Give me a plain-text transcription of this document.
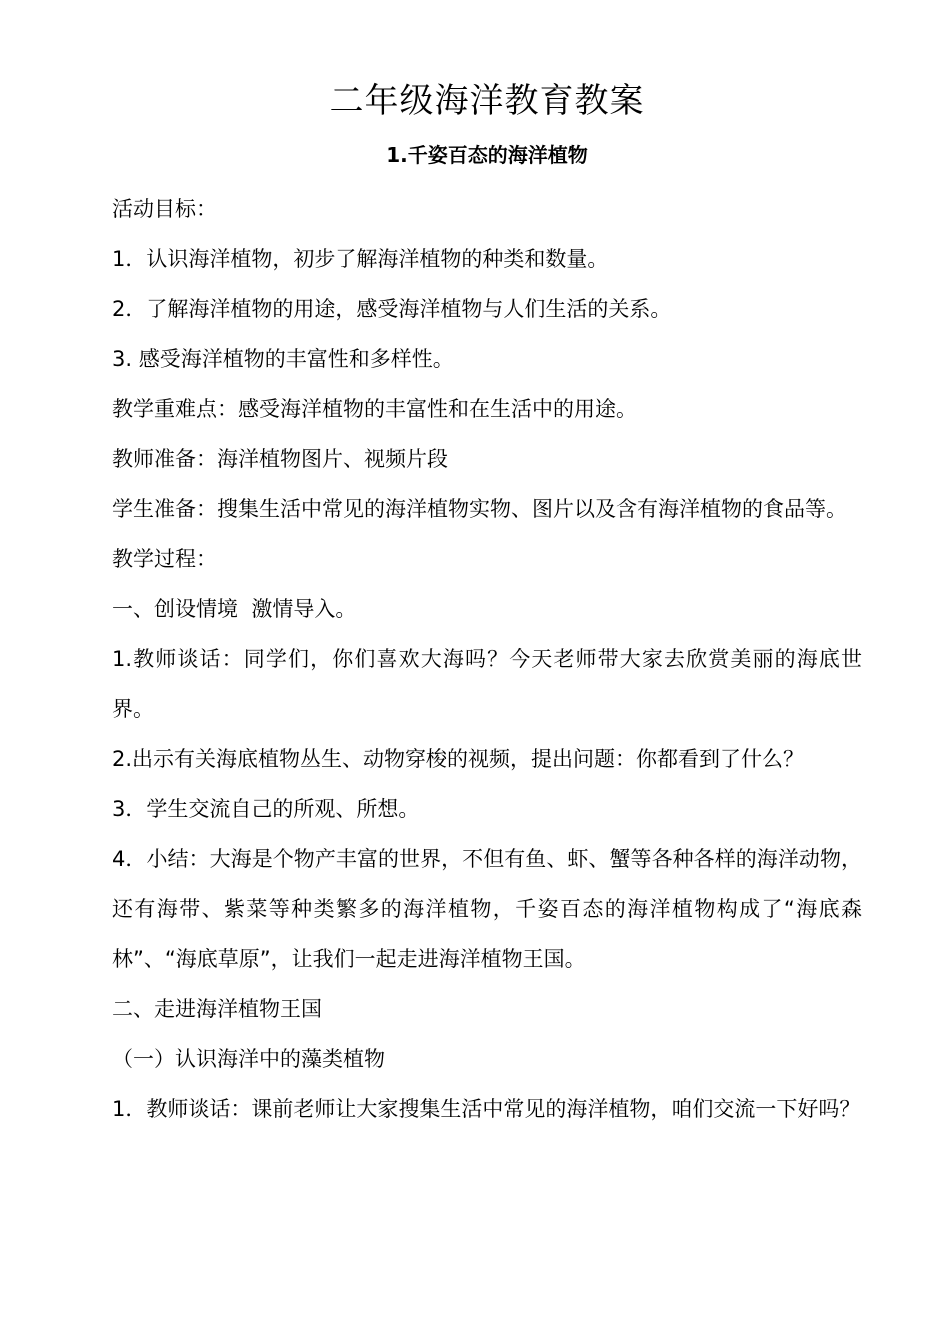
二年级海洋教育教案
1.千姿百态的海洋植物

活动目标：

1．认识海洋植物，初步了解海洋植物的种类和数量。

2．了解海洋植物的用途，感受海洋植物与人们生活的关系。

3. 感受海洋植物的丰富性和多样性。

教学重难点：感受海洋植物的丰富性和在生活中的用途。

教师准备：海洋植物图片、视频片段

学生准备：搜集生活中常见的海洋植物实物、图片以及含有海洋植物的食品等。

教学过程：

一、创设情境  激情导入。

1.教师谈话：同学们，你们喜欢大海吗？今天老师带大家去欣赏美丽的海底世界。

2.出示有关海底植物丛生、动物穿梭的视频，提出问题：你都看到了什么？

3．学生交流自己的所观、所想。

4．小结：大海是个物产丰富的世界，不但有鱼、虾、蟹等各种各样的海洋动物，还有海带、紫菜等种类繁多的海洋植物，千姿百态的海洋植物构成了“海底森林”、“海底草原”，让我们一起走进海洋植物王国。

二、走进海洋植物王国

（一）认识海洋中的藻类植物

1．教师谈话：课前老师让大家搜集生活中常见的海洋植物，咱们交流一下好吗？
